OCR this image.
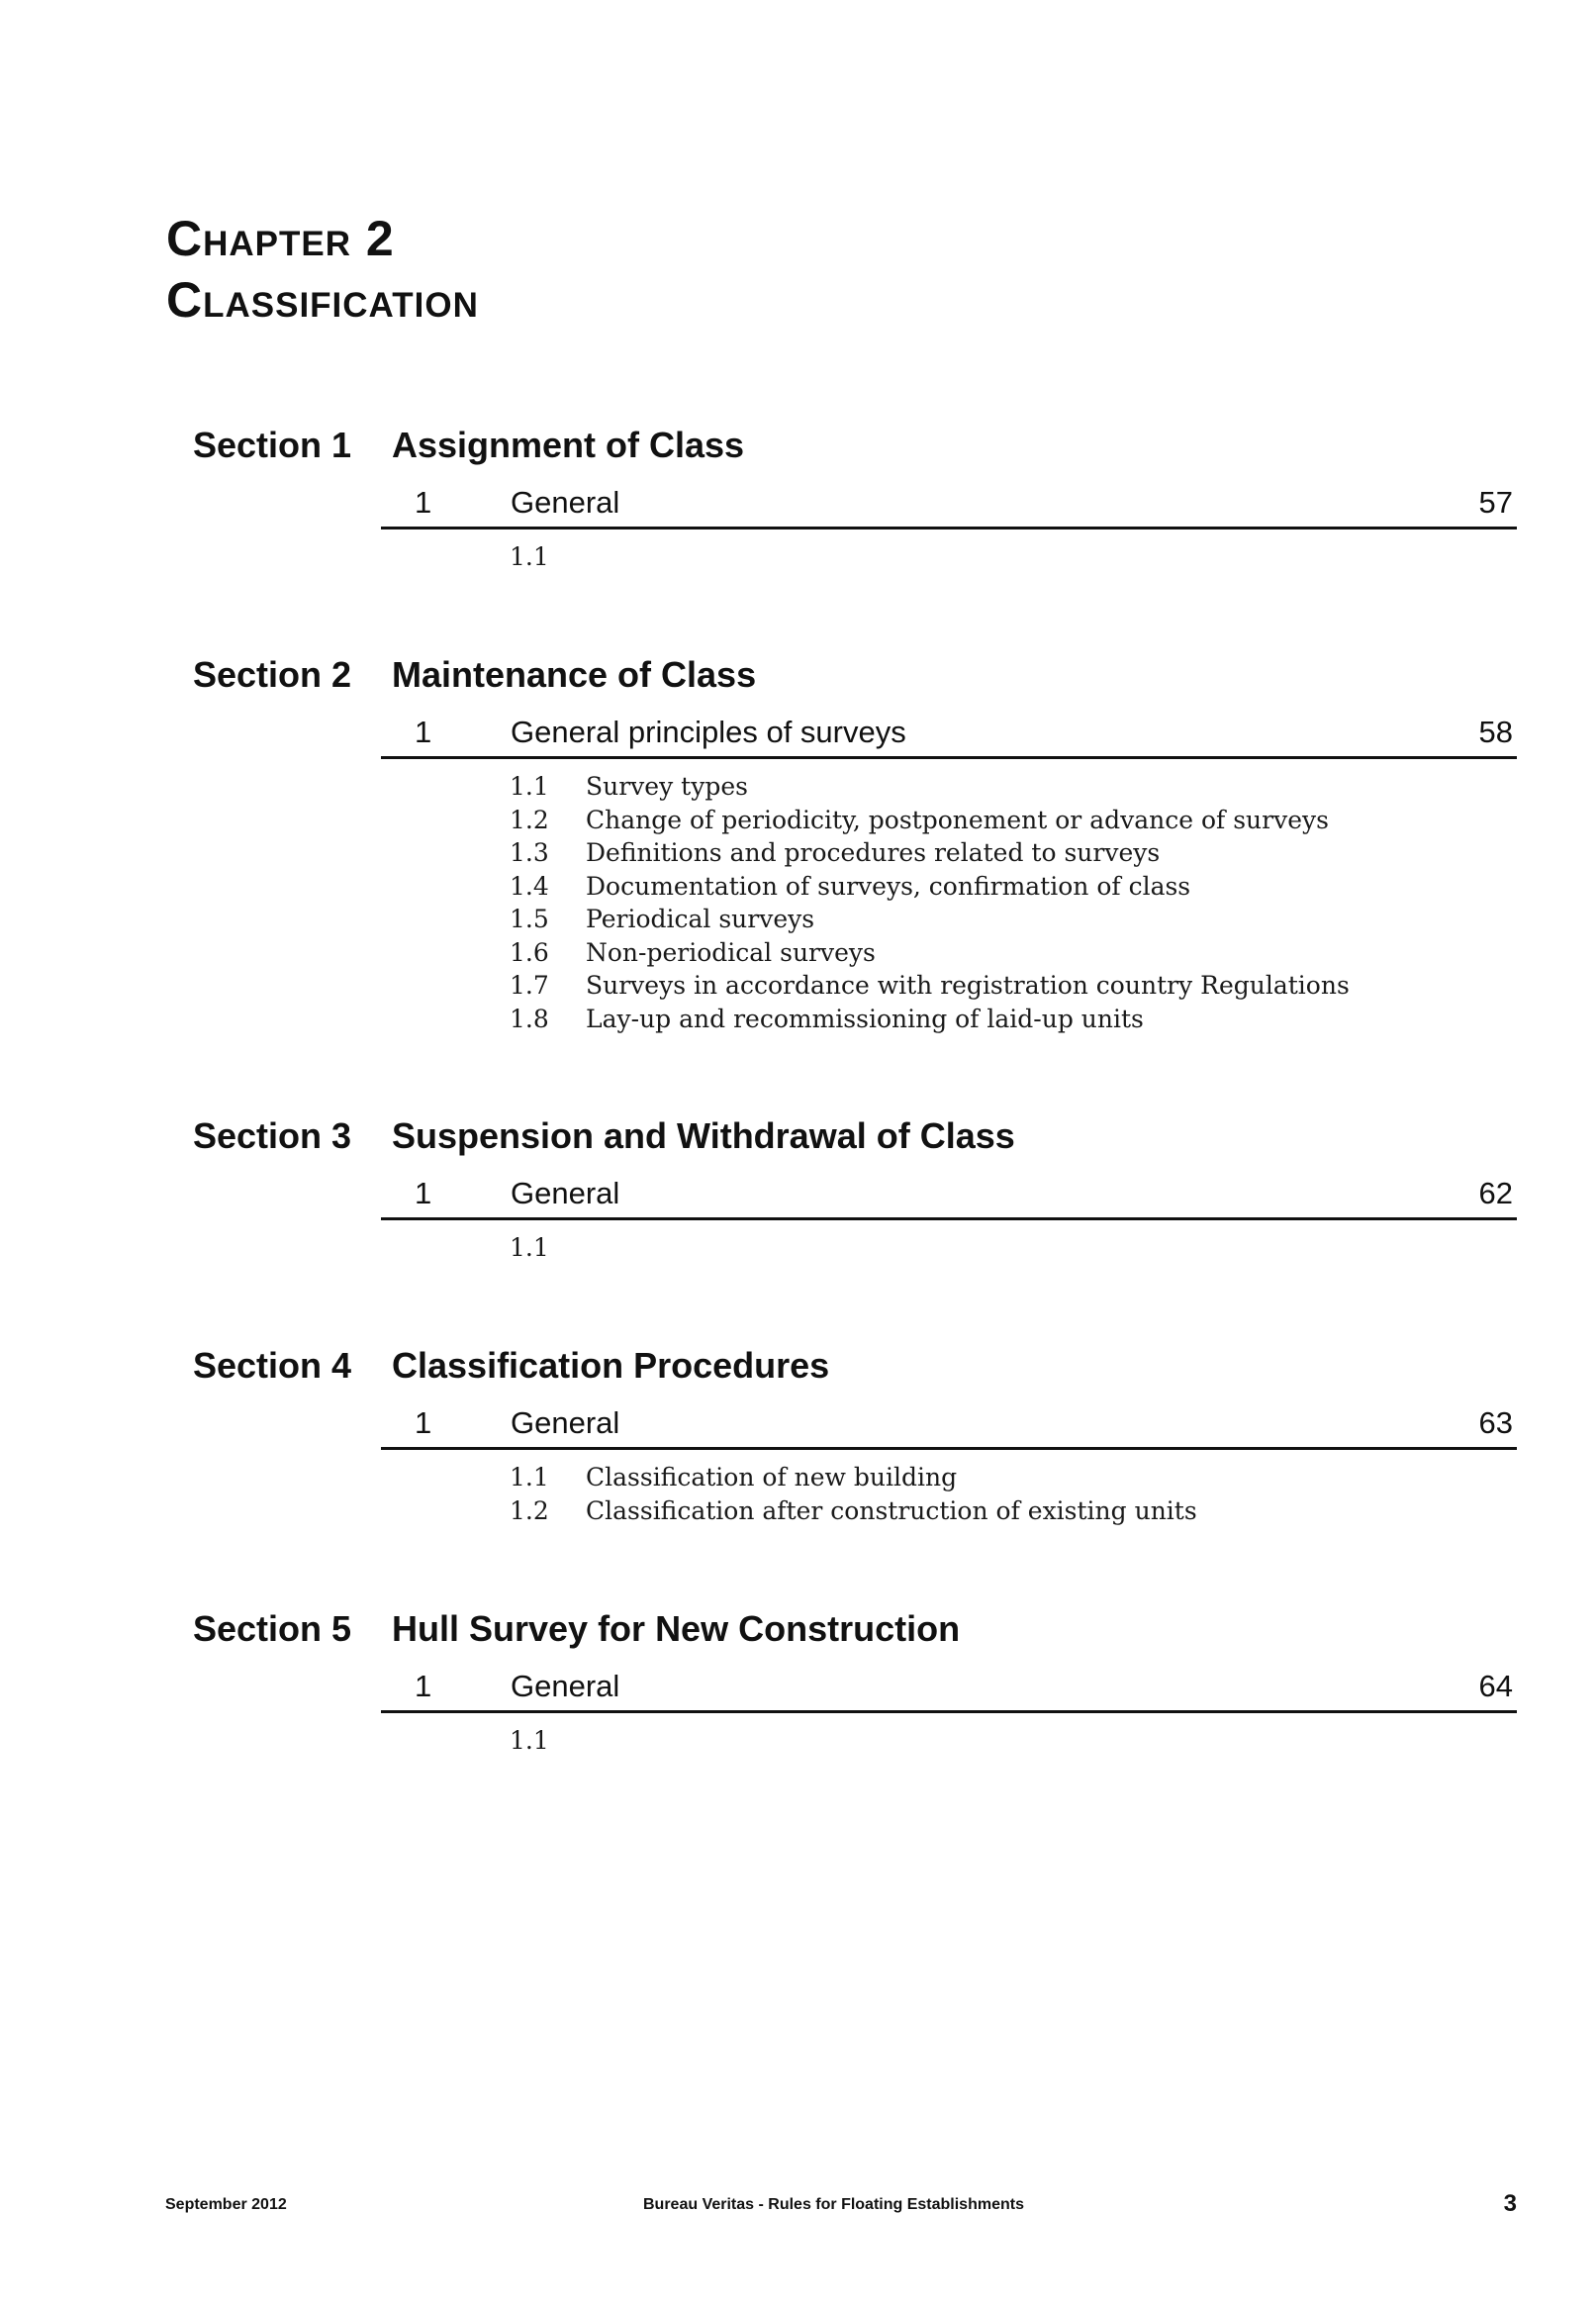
Chapter 2
Classification
Section 1 Assignment of Class
1	General	57
1.1
Section 2 Maintenance of Class
1	General principles of surveys	58
1.1 Survey types
1.2 Change of periodicity, postponement or advance of surveys
1.3 Definitions and procedures related to surveys
1.4 Documentation of surveys, confirmation of class
1.5 Periodical surveys
1.6 Non-periodical surveys
1.7 Surveys in accordance with registration country Regulations
1.8 Lay-up and recommissioning of laid-up units
Section 3 Suspension and Withdrawal of Class
1	General	62
1.1
Section 4 Classification Procedures
1	General	63
1.1 Classification of new building
1.2 Classification after construction of existing units
Section 5 Hull Survey for New Construction
1	General	64
1.1
September 2012	Bureau Veritas - Rules for Floating Establishments	3
